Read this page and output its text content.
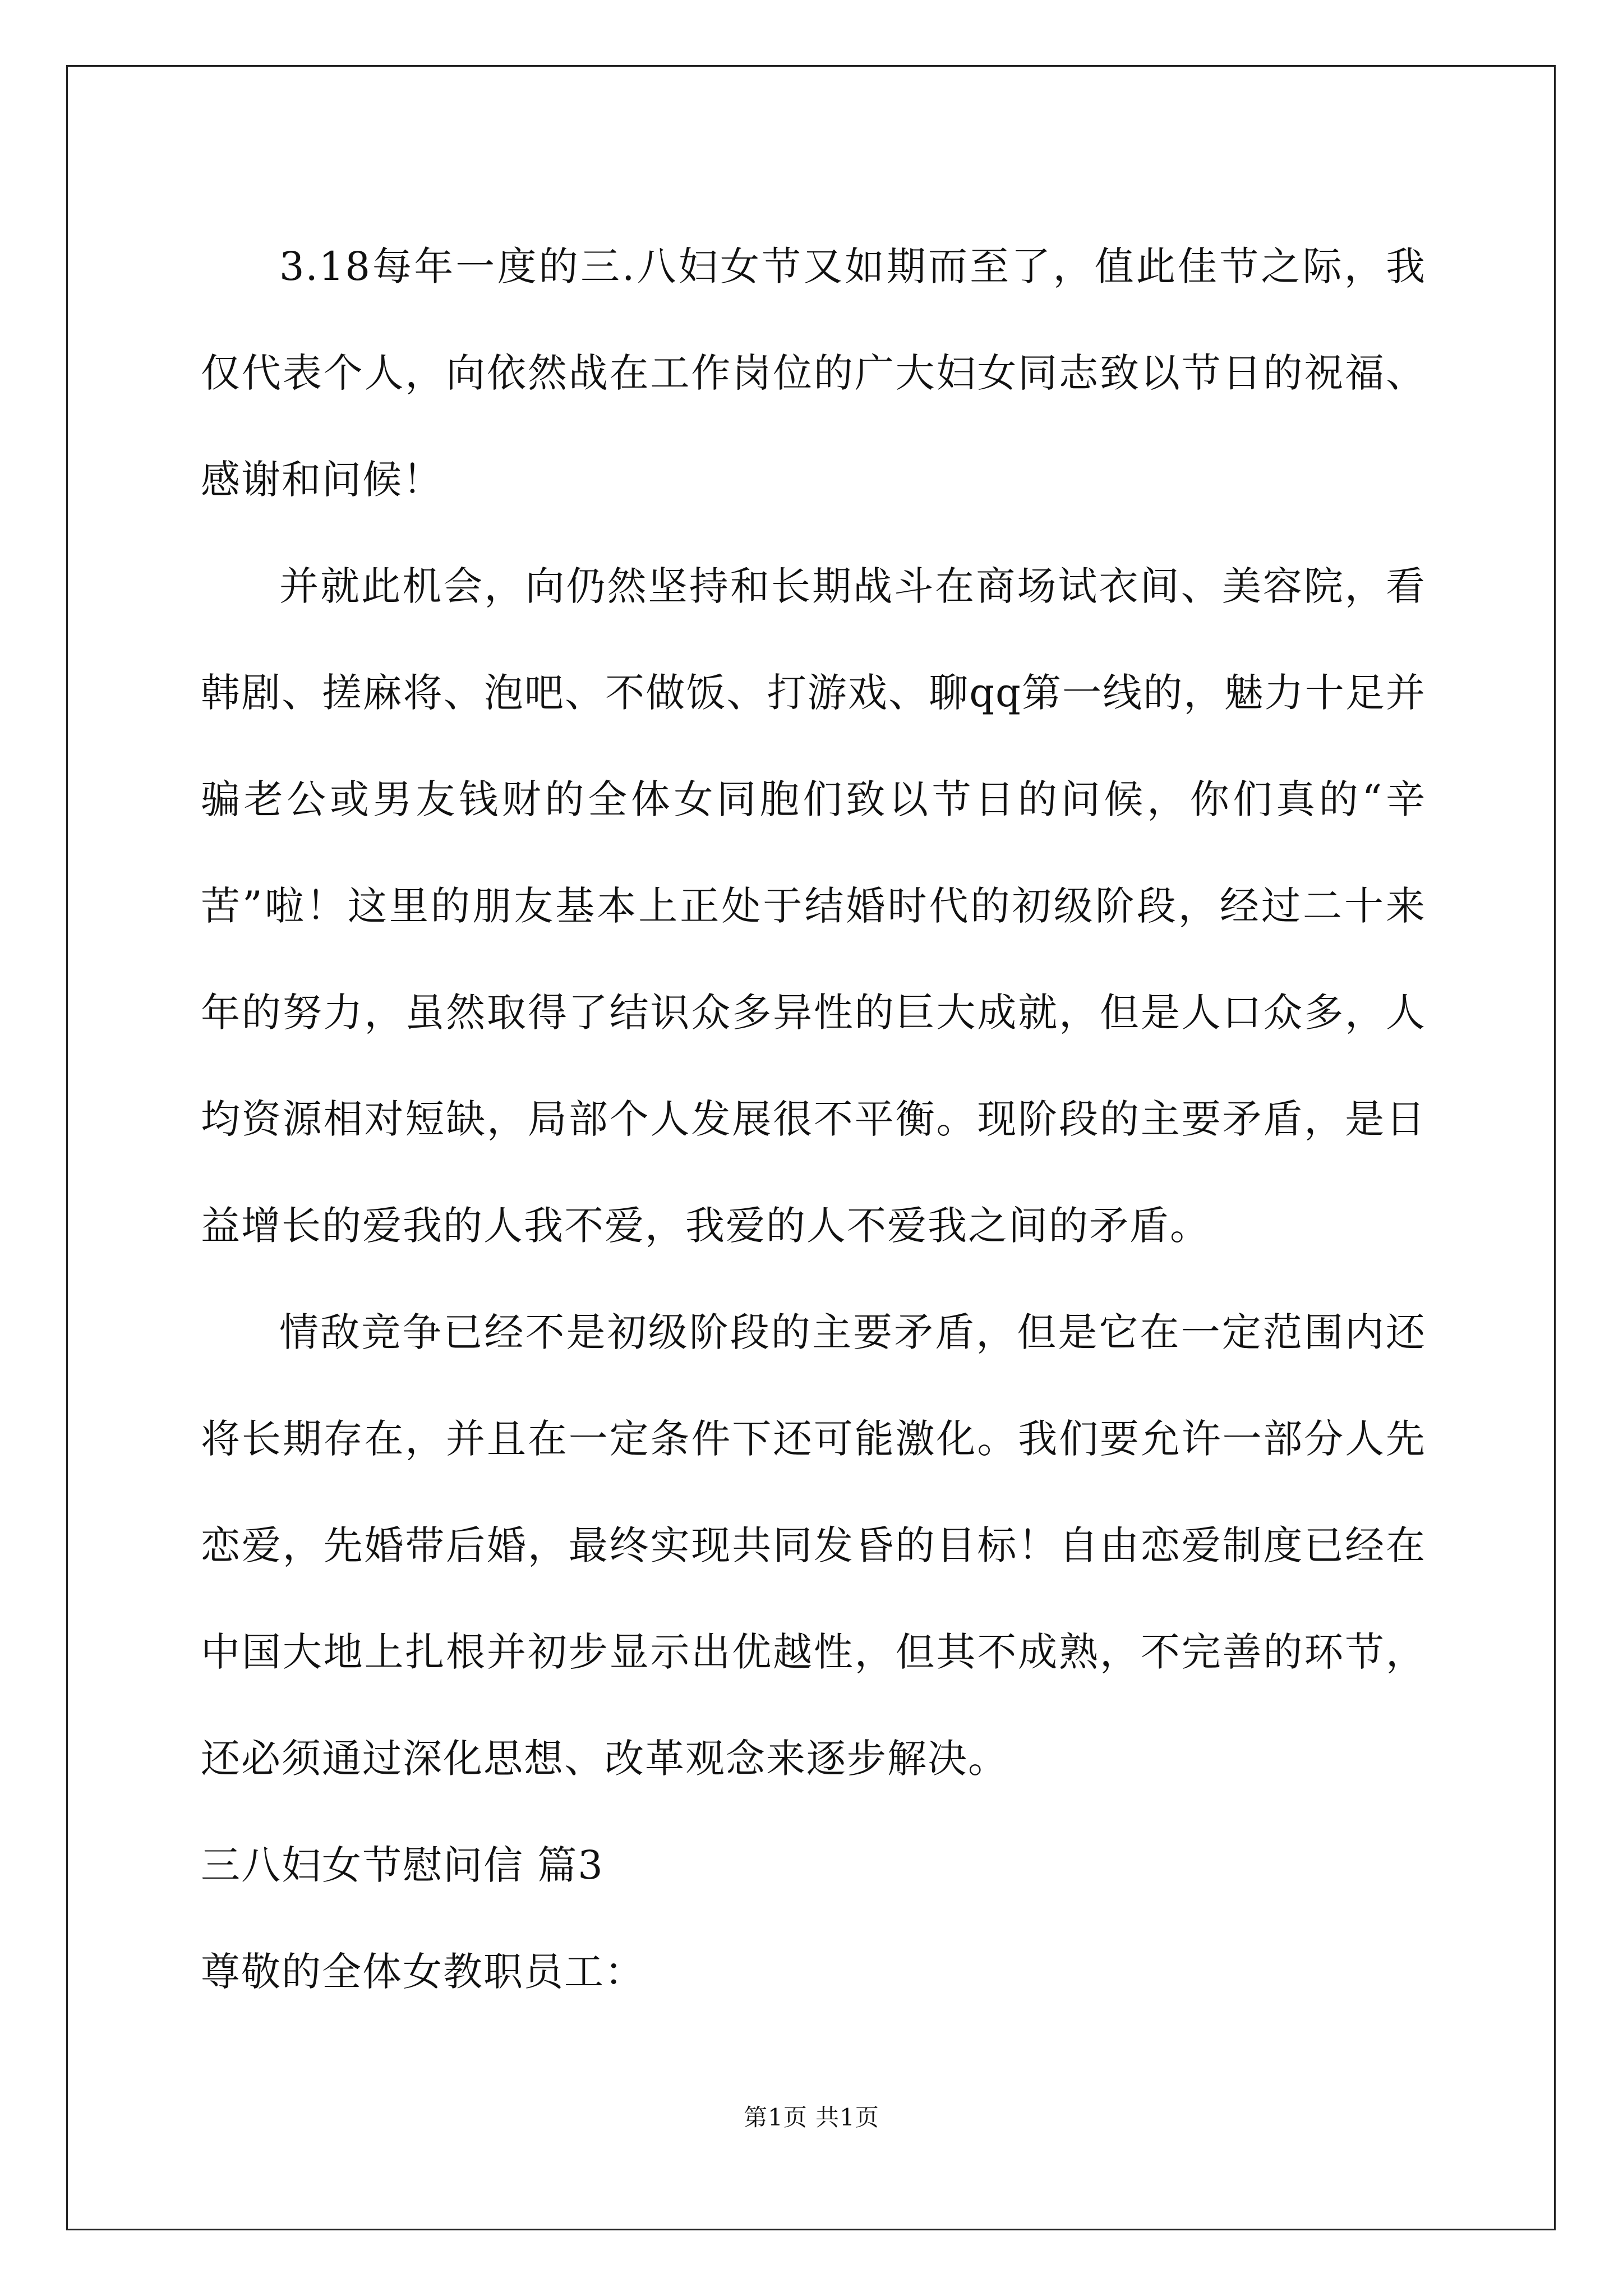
3.18每年一度的三.八妇女节又如期而至了，值此佳节之际，我仅代表个人，向依然战在工作岗位的广大妇女同志致以节日的祝福、感谢和问候！

并就此机会，向仍然坚持和长期战斗在商场试衣间、美容院，看韩剧、搓麻将、泡吧、不做饭、打游戏、聊qq第一线的，魅力十足并骗老公或男友钱财的全体女同胞们致以节日的问候，你们真的“辛苦”啦！这里的朋友基本上正处于结婚时代的初级阶段，经过二十来年的努力，虽然取得了结识众多异性的巨大成就，但是人口众多，人均资源相对短缺，局部个人发展很不平衡。现阶段的主要矛盾，是日益增长的爱我的人我不爱，我爱的人不爱我之间的矛盾。

情敌竞争已经不是初级阶段的主要矛盾，但是它在一定范围内还将长期存在，并且在一定条件下还可能激化。我们要允许一部分人先恋爱，先婚带后婚，最终实现共同发昏的目标！自由恋爱制度已经在中国大地上扎根并初步显示出优越性，但其不成熟，不完善的环节，还必须通过深化思想、改革观念来逐步解决。

三八妇女节慰问信 篇3

尊敬的全体女教职员工：

第1页 共1页
